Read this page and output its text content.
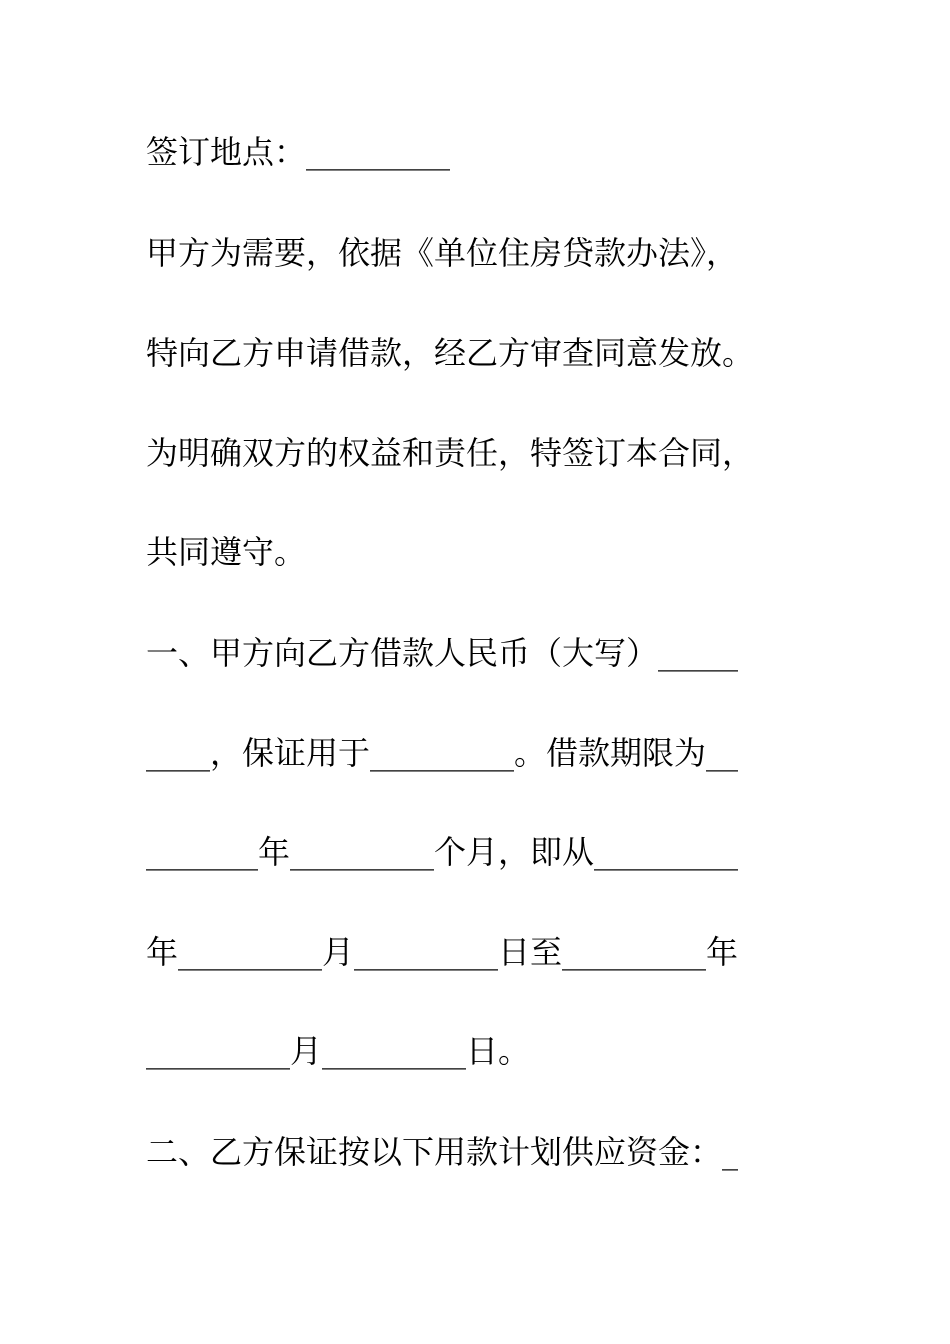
签订地点：_________
甲方为需要，依据《单位住房贷款办法》，
特向乙方申请借款，经乙方审查同意发放。
为明确双方的权益和责任，特签订本合同，
共同遵守。
一、甲方向乙方借款人民币（大写）_____
____，保证用于_________。借款期限为__
_______年_________个月，即从_________
年_________月_________日至_________年
_________月_________日。
二、乙方保证按以下用款计划供应资金：_
